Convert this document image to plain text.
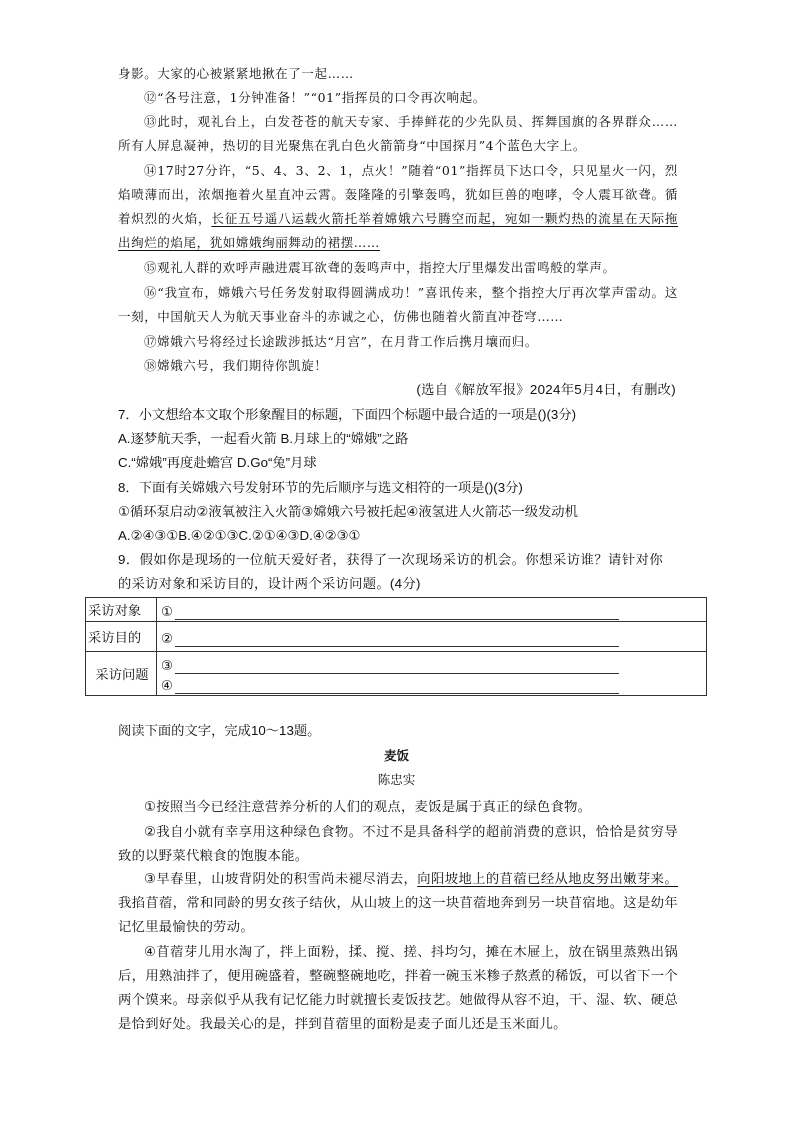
身影。大家的心被紧紧地揪在了一起……
⑫“各号注意，1分钟准备！”“01”指挥员的口令再次响起。
⑬此时，观礼台上，白发苍苍的航天专家、手捧鲜花的少先队员、挥舞国旗的各界群众……所有人屏息凝神，热切的目光聚焦在乳白色火箭箭身“中国探月”4个蓝色大字上。
⑭17时27分许，“5、4、3、2、1，点火！”随着“01”指挥员下达口令，只见星火一闪，烈焰喷薄而出，浓烟拖着火星直冲云霄。轰隆隆的引擎轰鸣，犹如巨兽的咆哮，令人震耳欲聋。循着炽烈的火焰，长征五号遥八运载火箭托举着嫦娥六号腾空而起，宛如一颗灼热的流星在天际拖出绚烂的焰尾，犹如嫦娥绚丽舞动的裙摆……
⑮观礼人群的欢呼声融进震耳欲聋的轰鸣声中，指控大厅里爆发出雷鸣般的掌声。
⑯“我宣布，嫦娥六号任务发射取得圆满成功！”喜讯传来，整个指控大厅再次掌声雷动。这一刻，中国航天人为航天事业奋斗的赤诚之心，仿佛也随着火箭直冲苍穹……
⑰嫦娥六号将经过长途跋涉抵达“月宫”，在月背工作后携月壤而归。
⑱嫦娥六号，我们期待你凯旋！
(选自《解放军报》2024年5月4日，有删改)
7．小文想给本文取个形象醒目的标题，下面四个标题中最合适的一项是()(3分)
A.逐梦航天季，一起看火箭 B.月球上的“嫦娥”之路
C.“嫦娥”再度赴蟾宫 D.Go“兔”月球
8．下面有关嫦娥六号发射环节的先后顺序与选文相符的一项是()(3分)
①循环泵启动②液氧被注入火箭③嫦娥六号被托起④液氢进人火箭芯一级发动机
A.②④③①B.④②①③C.②①④③D.④②③①
9．假如你是现场的一位航天爱好者，获得了一次现场采访的机会。你想采访谁？请针对你的采访对象和采访目的，设计两个采访问题。(4分)
采访对象	①

采访目的	②

采访问题	③
④
阅读下面的文字，完成10～13题。
麦饭
陈忠实
①按照当今已经注意营养分析的人们的观点，麦饭是属于真正的绿色食物。
②我自小就有幸享用这种绿色食物。不过不是具备科学的超前消费的意识，恰恰是贫穷导致的以野菜代粮食的饱腹本能。
③早春里，山坡背阴处的积雪尚未褪尽消去，向阳坡地上的苜蓿已经从地皮努出嫩芽来。我掐苜蓿，常和同龄的男女孩子结伙，从山坡上的这一块苜蓿地奔到另一块苜宿地。这是幼年记忆里最愉快的劳动。
④苜蓿芽儿用水淘了，拌上面粉，揉、搅、搓、抖均匀，摊在木屉上，放在锅里蒸熟出锅后，用熟油拌了，便用碗盛着，整碗整碗地吃，拌着一碗玉米糁子熬煮的稀饭，可以省下一个两个馍来。母亲似乎从我有记忆能力时就擅长麦饭技艺。她做得从容不迫，干、湿、软、硬总是恰到好处。我最关心的是，拌到苜蓿里的面粉是麦子面儿还是玉米面儿。
